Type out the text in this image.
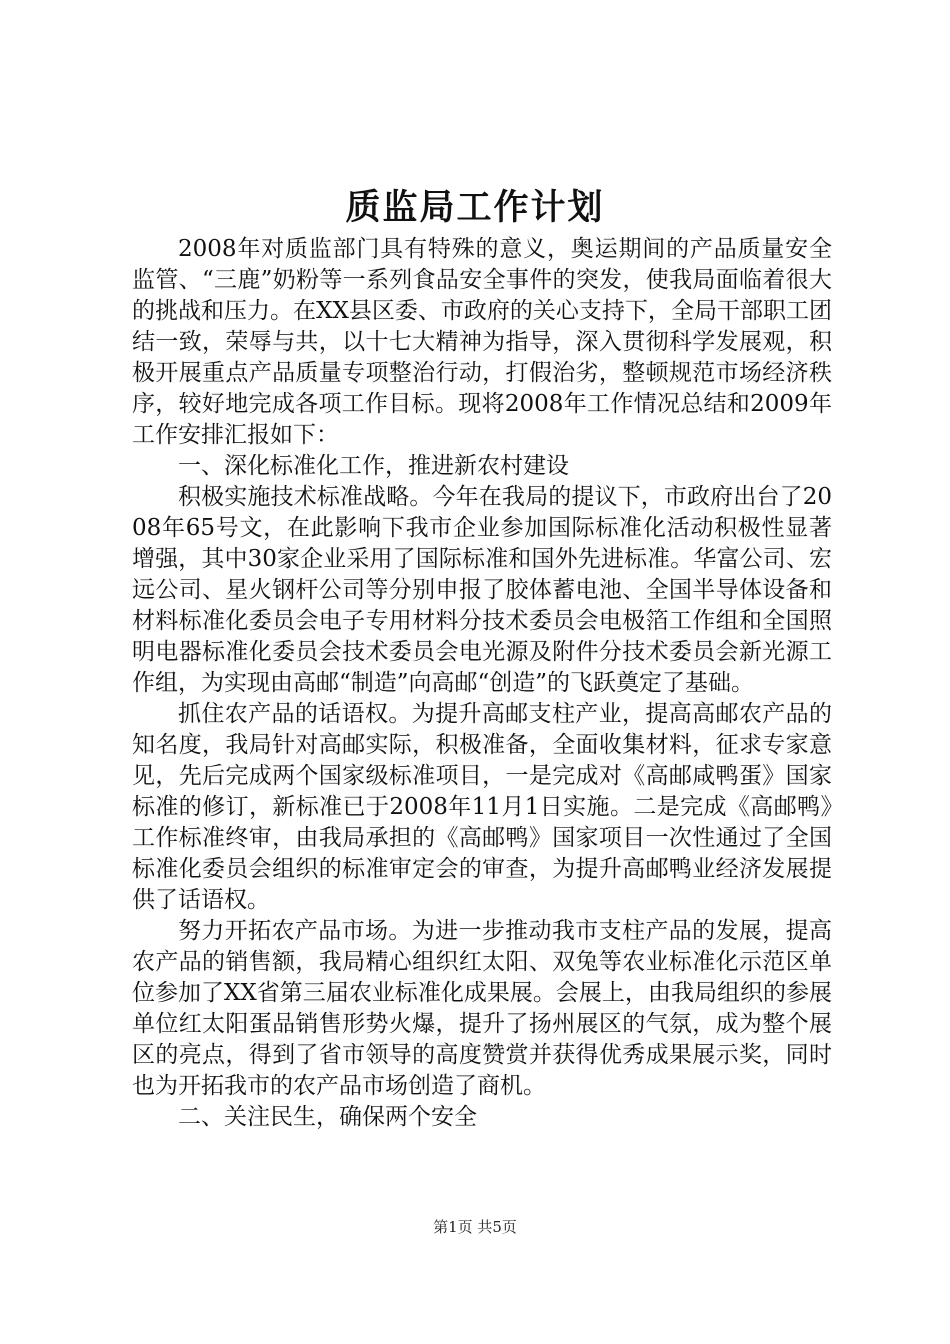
质监局工作计划

2008年对质监部门具有特殊的意义，奥运期间的产品质量安全监管、“三鹿”奶粉等一系列食品安全事件的突发，使我局面临着很大的挑战和压力。在XX县区委、市政府的关心支持下，全局干部职工团结一致，荣辱与共，以十七大精神为指导，深入贯彻科学发展观，积极开展重点产品质量专项整治行动，打假治劣，整顿规范市场经济秩序，较好地完成各项工作目标。现将2008年工作情况总结和2009年工作安排汇报如下：

一、深化标准化工作，推进新农村建设

积极实施技术标准战略。今年在我局的提议下，市政府出台了2008年65号文，在此影响下我市企业参加国际标准化活动积极性显著增强，其中30家企业采用了国际标准和国外先进标准。华富公司、宏远公司、星火钢杆公司等分别申报了胶体蓄电池、全国半导体设备和材料标准化委员会电子专用材料分技术委员会电极箔工作组和全国照明电器标准化委员会技术委员会电光源及附件分技术委员会新光源工作组，为实现由高邮“制造”向高邮“创造”的飞跃奠定了基础。

抓住农产品的话语权。为提升高邮支柱产业，提高高邮农产品的知名度，我局针对高邮实际，积极准备，全面收集材料，征求专家意见，先后完成两个国家级标准项目，一是完成对《高邮咸鸭蛋》国家标准的修订，新标准已于2008年11月1日实施。二是完成《高邮鸭》工作标准终审，由我局承担的《高邮鸭》国家项目一次性通过了全国标准化委员会组织的标准审定会的审查，为提升高邮鸭业经济发展提供了话语权。

努力开拓农产品市场。为进一步推动我市支柱产品的发展，提高农产品的销售额，我局精心组织红太阳、双兔等农业标准化示范区单位参加了XX省第三届农业标准化成果展。会展上，由我局组织的参展单位红太阳蛋品销售形势火爆，提升了扬州展区的气氛，成为整个展区的亮点，得到了省市领导的高度赞赏并获得优秀成果展示奖，同时也为开拓我市的农产品市场创造了商机。

二、关注民生，确保两个安全

第1页 共5页
